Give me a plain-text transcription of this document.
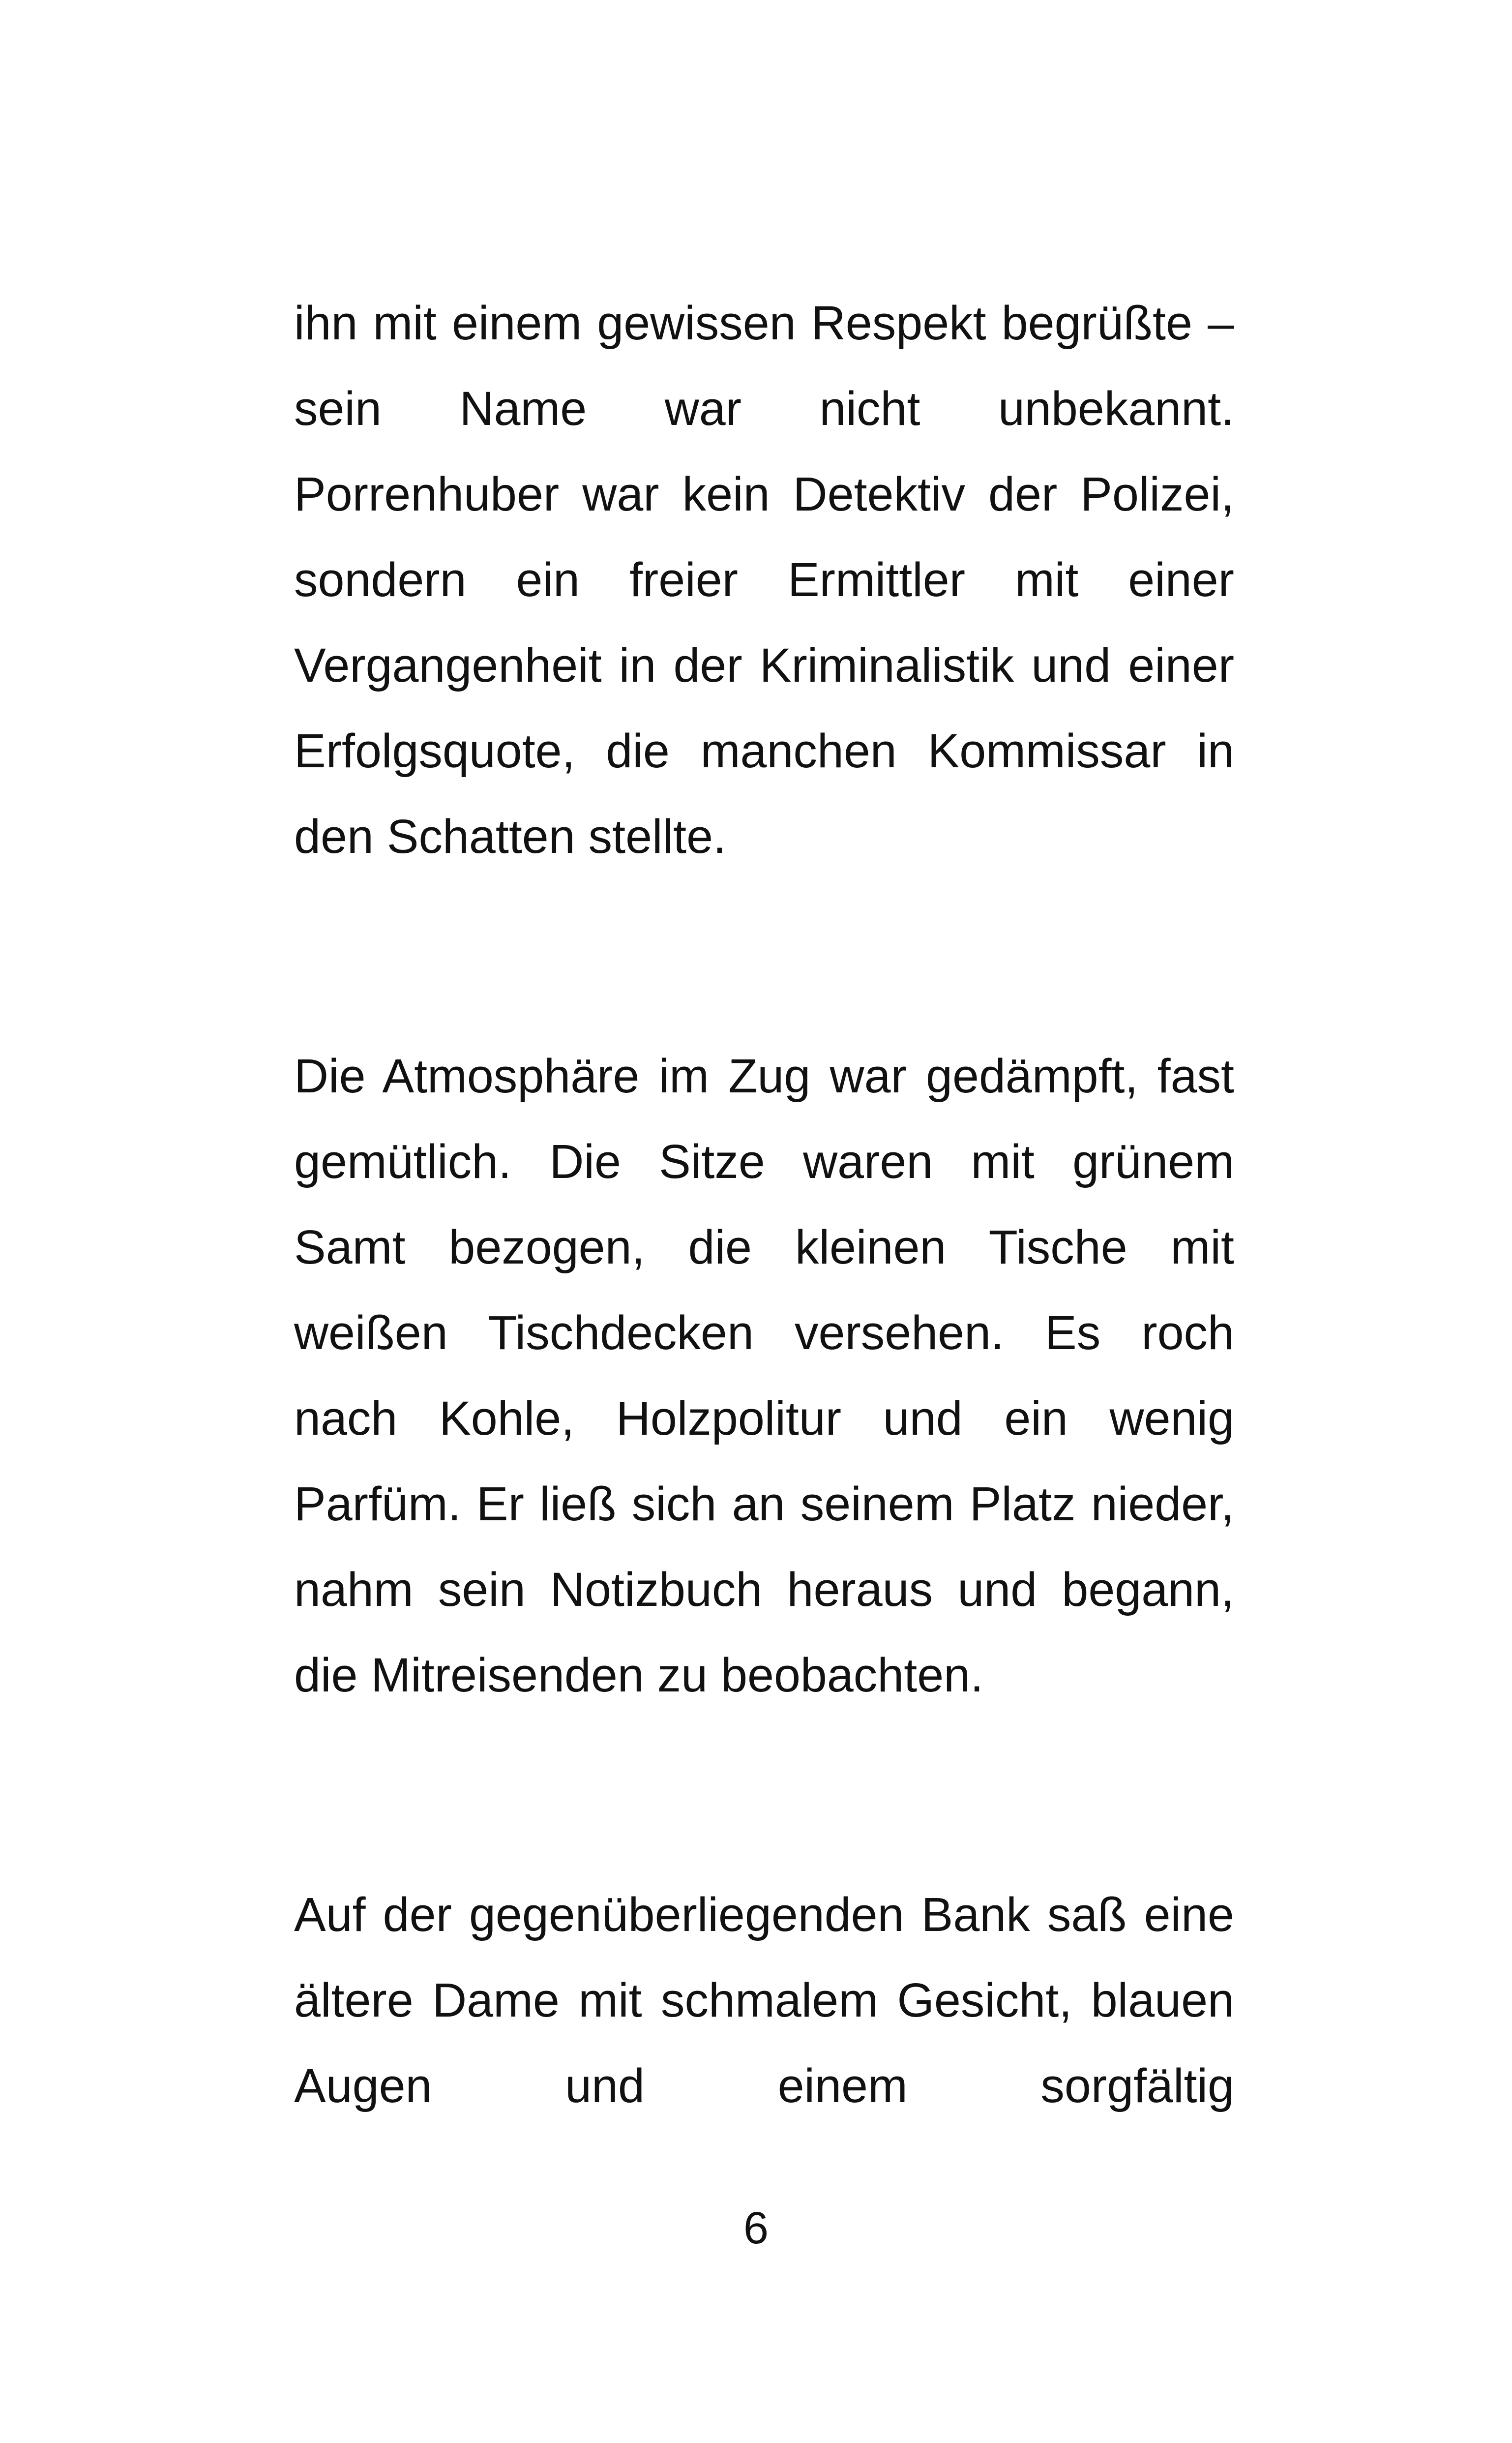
ihn mit einem gewissen Respekt begrüßte – sein Name war nicht unbekannt. Porrenhuber war kein Detektiv der Polizei, sondern ein freier Ermittler mit einer Vergangenheit in der Kriminalistik und einer Erfolgsquote, die manchen Kommissar in den Schatten stellte.

Die Atmosphäre im Zug war gedämpft, fast gemütlich. Die Sitze waren mit grünem Samt bezogen, die kleinen Tische mit weißen Tischdecken versehen. Es roch nach Kohle, Holzpolitur und ein wenig Parfüm. Er ließ sich an seinem Platz nieder, nahm sein Notizbuch heraus und begann, die Mitreisenden zu beobachten.

Auf der gegenüberliegenden Bank saß eine ältere Dame mit schmalem Gesicht, blauen Augen und einem sorgfältig

6
